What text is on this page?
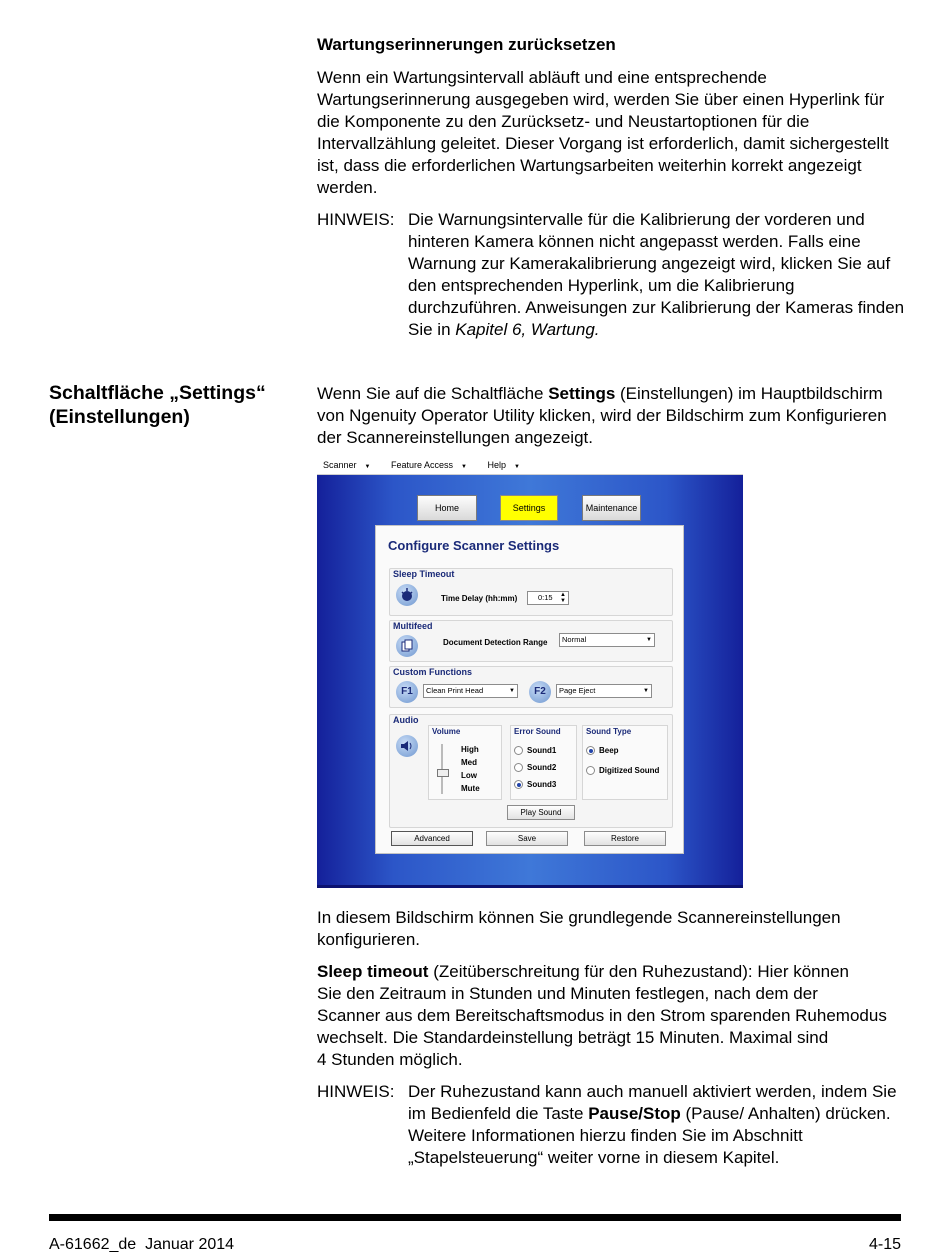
Wartungserinnerungen zurücksetzen
Wenn ein Wartungsintervall abläuft und eine entsprechende Wartungserinnerung ausgegeben wird, werden Sie über einen Hyperlink für die Komponente zu den Zurücksetz- und Neustartoptionen für die Intervallzählung geleitet. Dieser Vorgang ist erforderlich, damit sichergestellt ist, dass die erforderlichen Wartungsarbeiten weiterhin korrekt angezeigt werden.
HINWEIS: Die Warnungsintervalle für die Kalibrierung der vorderen und hinteren Kamera können nicht angepasst werden. Falls eine Warnung zur Kamerakalibrierung angezeigt wird, klicken Sie auf den entsprechenden Hyperlink, um die Kalibrierung durchzuführen. Anweisungen zur Kalibrierung der Kameras finden Sie in Kapitel 6, Wartung.
Schaltfläche „Settings“
(Einstellungen)
Wenn Sie auf die Schaltfläche Settings (Einstellungen) im Hauptbildschirm von Ngenuity Operator Utility klicken, wird der Bildschirm zum Konfigurieren der Scannereinstellungen angezeigt.
Scanner ▼ Feature Access ▼ Help ▼
Home	Settings	Maintenance
Configure Scanner Settings
Sleep Timeout
Time Delay (hh:mm)	0:15 ▲
▼
Multifeed
Document Detection Range	Normal	▼
Custom Functions
F1	Clean Print Head	▼	F2	Page Eject	▼
Audio
Volume
High
Med
Low
Mute
Error Sound
Sound1
Sound2
Sound3
Sound Type
Beep
Digitized Sound
Play Sound
Advanced	Save	Restore
In diesem Bildschirm können Sie grundlegende Scannereinstellungen konfigurieren.
Sleep timeout (Zeitüberschreitung für den Ruhezustand): Hier können
Sie den Zeitraum in Stunden und Minuten festlegen, nach dem der
Scanner aus dem Bereitschaftsmodus in den Strom sparenden Ruhemodus
wechselt. Die Standardeinstellung beträgt 15 Minuten. Maximal sind
4 Stunden möglich.
HINWEIS: Der Ruhezustand kann auch manuell aktiviert werden, indem Sie im Bedienfeld die Taste Pause/Stop (Pause/ Anhalten) drücken. Weitere Informationen hierzu finden Sie im Abschnitt „Stapelsteuerung“ weiter vorne in diesem Kapitel.
A-61662_de  Januar 2014	4-15
